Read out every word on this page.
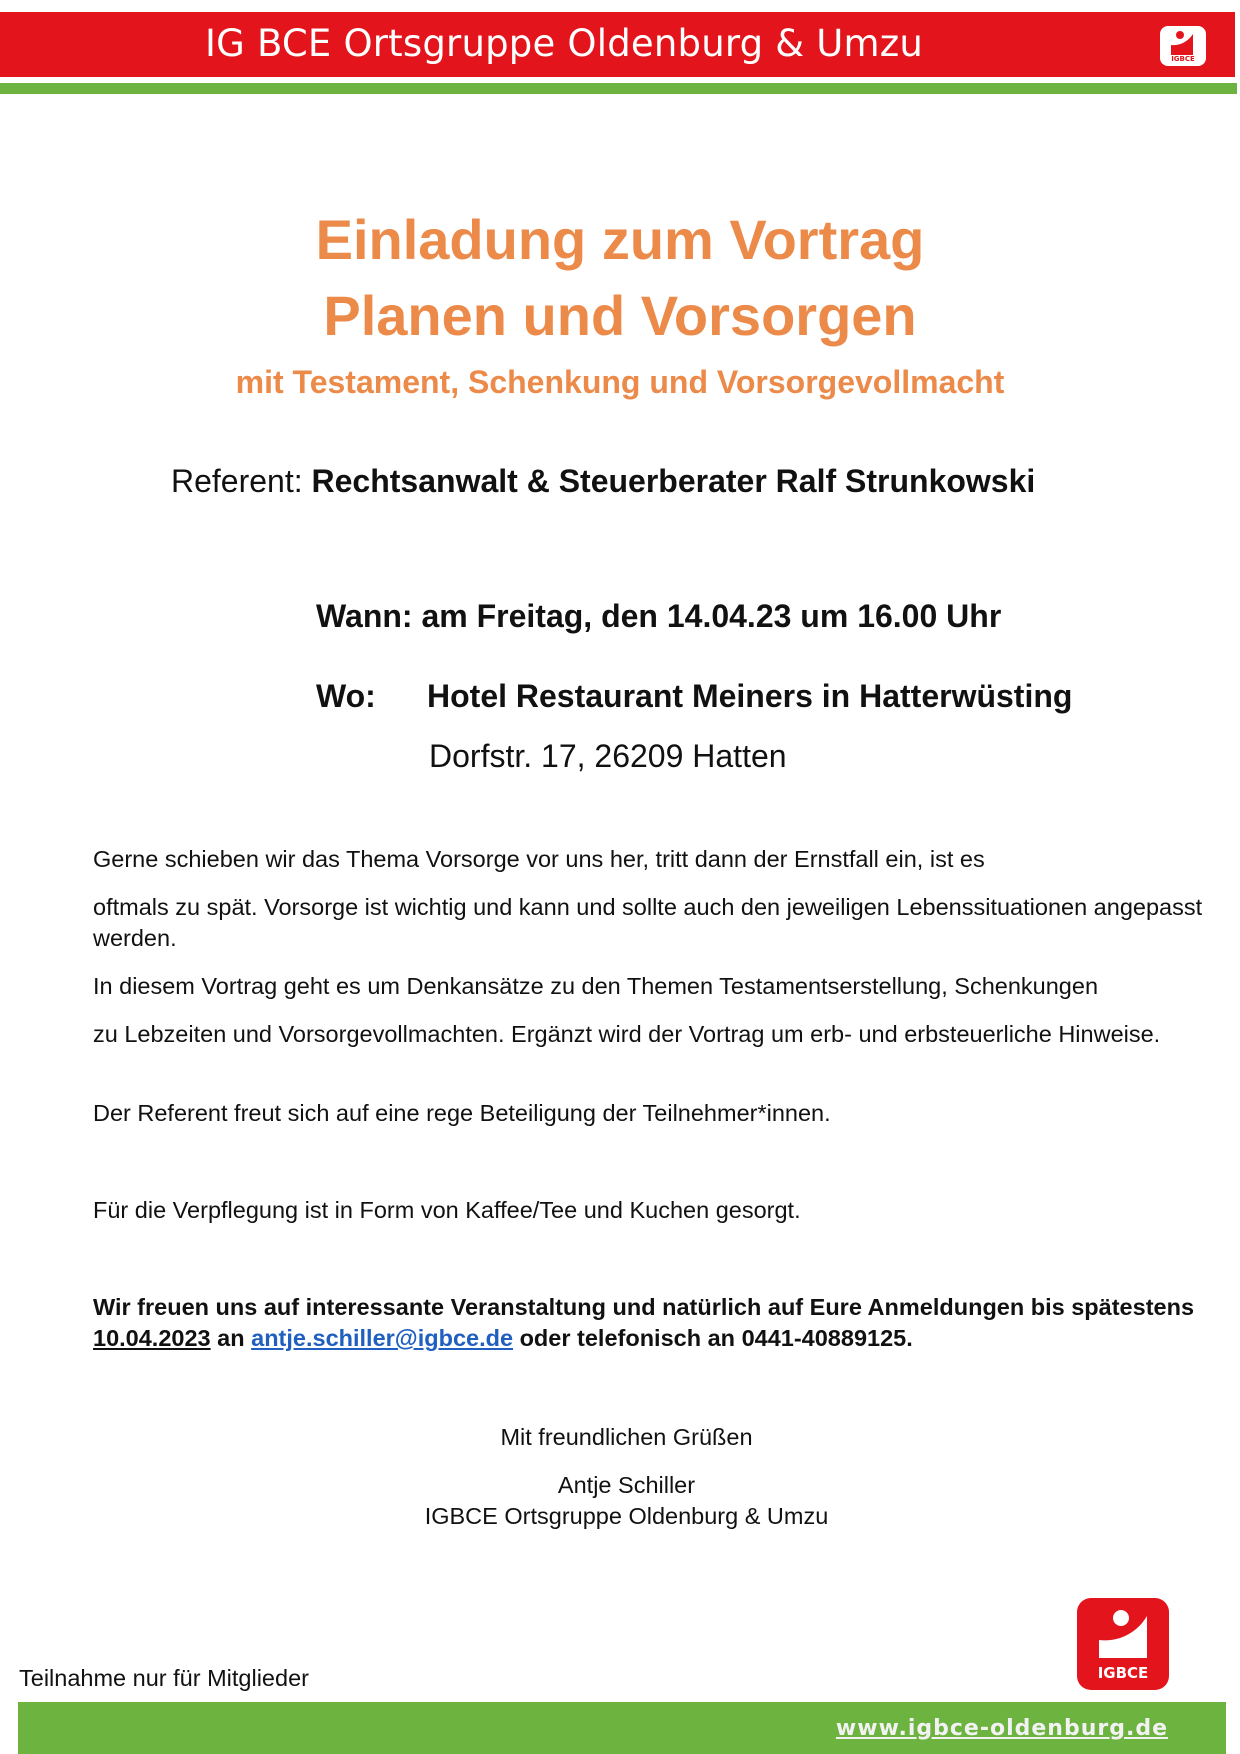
IG BCE Ortsgruppe Oldenburg & Umzu	IGBCE
Einladung zum Vortrag
Planen und Vorsorgen
mit Testament, Schenkung und Vorsorgevollmacht
Referent: Rechtsanwalt & Steuerberater Ralf Strunkowski
Wann: am Freitag, den 14.04.23 um 16.00 Uhr
Wo: Hotel Restaurant Meiners in Hatterwüsting
Dorfstr. 17, 26209 Hatten
Gerne schieben wir das Thema Vorsorge vor uns her, tritt dann der Ernstfall ein, ist es
oftmals zu spät. Vorsorge ist wichtig und kann und sollte auch den jeweiligen Lebenssituationen angepasst werden.
In diesem Vortrag geht es um Denkansätze zu den Themen Testamentserstellung, Schenkungen
zu Lebzeiten und Vorsorgevollmachten. Ergänzt wird der Vortrag um erb- und erbsteuerliche Hinweise.
Der Referent freut sich auf eine rege Beteiligung der Teilnehmer*innen.
Für die Verpflegung ist in Form von Kaffee/Tee und Kuchen gesorgt.
Wir freuen uns auf interessante Veranstaltung und natürlich auf Eure Anmeldungen bis spätestens 10.04.2023 an antje.schiller@igbce.de oder telefonisch an 0441-40889125.
Mit freundlichen Grüßen
Antje Schiller
IGBCE Ortsgruppe Oldenburg & Umzu
Teilnahme nur für Mitglieder	IGBCE
www.igbce-oldenburg.de
